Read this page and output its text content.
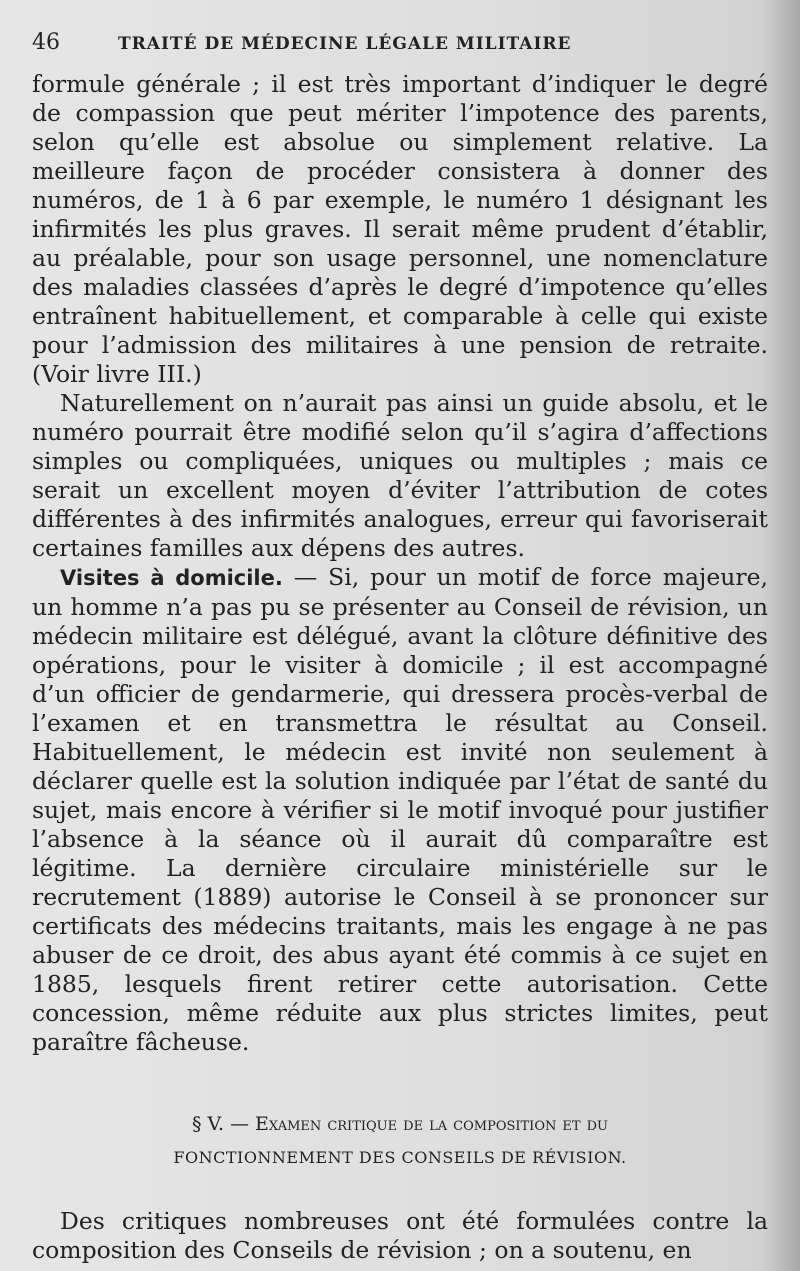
46	TRAITÉ DE MÉDECINE LÉGALE MILITAIRE

formule générale ; il est très important d’indiquer le degré de compassion que peut mériter l’impotence des parents, selon qu’elle est absolue ou simplement relative. La meilleure façon de procéder consistera à donner des numéros, de 1 à 6 par exemple, le numéro 1 désignant les infirmités les plus graves. Il serait même prudent d’établir, au préalable, pour son usage personnel, une nomenclature des maladies classées d’après le degré d’impotence qu’elles entraînent habituellement, et comparable à celle qui existe pour l’admission des militaires à une pension de retraite. (Voir livre III.)

Naturellement on n’aurait pas ainsi un guide absolu, et le numéro pourrait être modifié selon qu’il s’agira d’affections simples ou compliquées, uniques ou multiples ; mais ce serait un excellent moyen d’éviter l’attribution de cotes différentes à des infirmités analogues, erreur qui favoriserait certaines familles aux dépens des autres.

Visites à domicile. — Si, pour un motif de force majeure, un homme n’a pas pu se présenter au Conseil de révision, un médecin militaire est délégué, avant la clôture définitive des opérations, pour le visiter à domicile ; il est accompagné d’un officier de gendarmerie, qui dressera procès-verbal de l’examen et en transmettra le résultat au Conseil. Habituellement, le médecin est invité non seulement à déclarer quelle est la solution indiquée par l’état de santé du sujet, mais encore à vérifier si le motif invoqué pour justifier l’absence à la séance où il aurait dû comparaître est légitime. La dernière circulaire ministérielle sur le recrutement (1889) autorise le Conseil à se prononcer sur certificats des médecins traitants, mais les engage à ne pas abuser de ce droit, des abus ayant été commis à ce sujet en 1885, lesquels firent retirer cette autorisation. Cette concession, même réduite aux plus strictes limites, peut paraître fâcheuse.

§ V. — Examen critique de la composition et du
FONCTIONNEMENT DES CONSEILS DE RÉVISION.

Des critiques nombreuses ont été formulées contre la composition des Conseils de révision ; on a soutenu, en
